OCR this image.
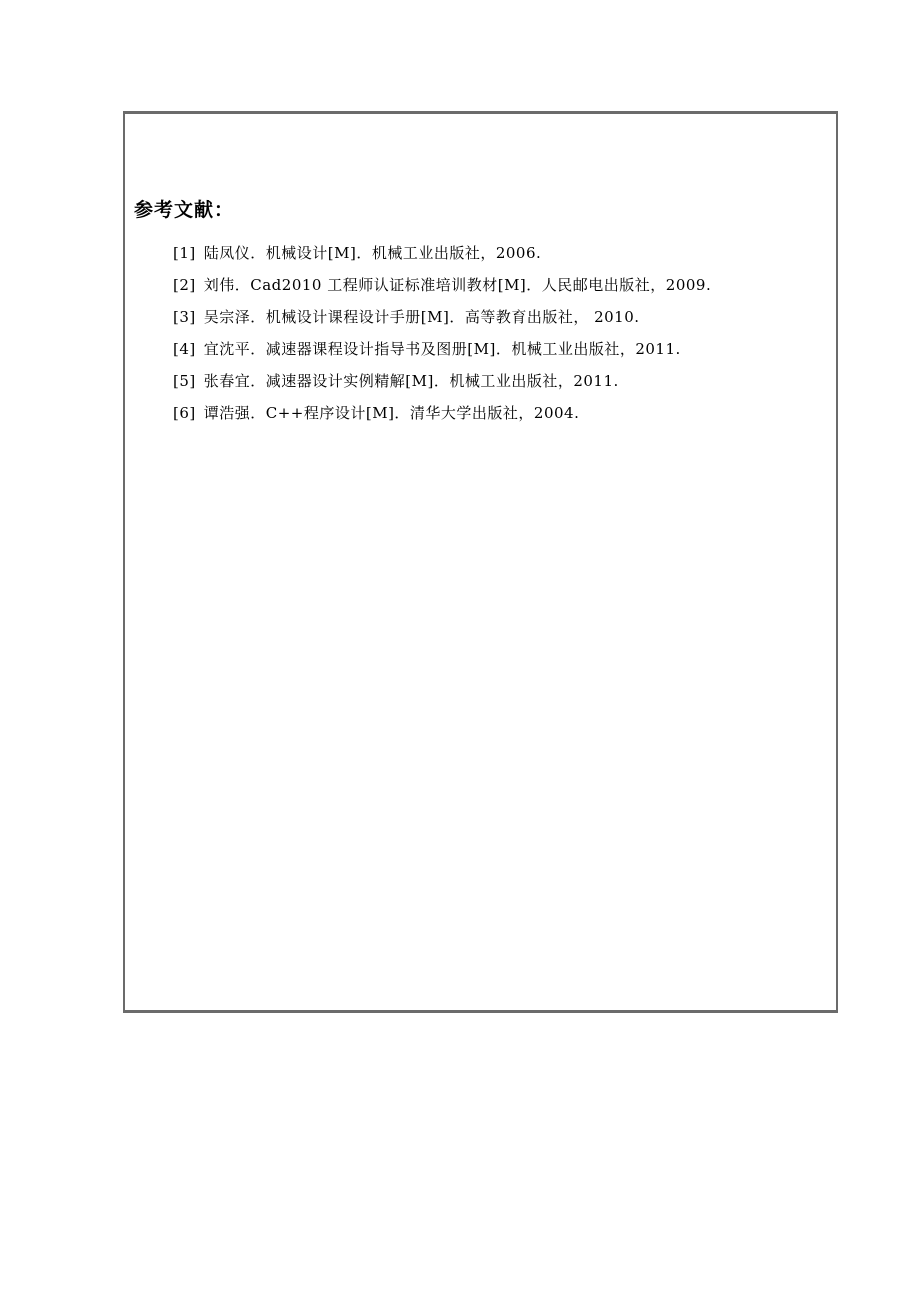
参考文献：
[1] 陆凤仪．机械设计[M]．机械工业出版社，2006.
[2] 刘伟．Cad2010 工程师认证标准培训教材[M]．人民邮电出版社，2009.
[3] 吴宗泽．机械设计课程设计手册[M]．高等教育出版社， 2010.
[4] 宜沈平．减速器课程设计指导书及图册[M]．机械工业出版社，2011.
[5] 张春宜．减速器设计实例精解[M]．机械工业出版社，2011.
[6] 谭浩强．C++程序设计[M]．清华大学出版社，2004.
